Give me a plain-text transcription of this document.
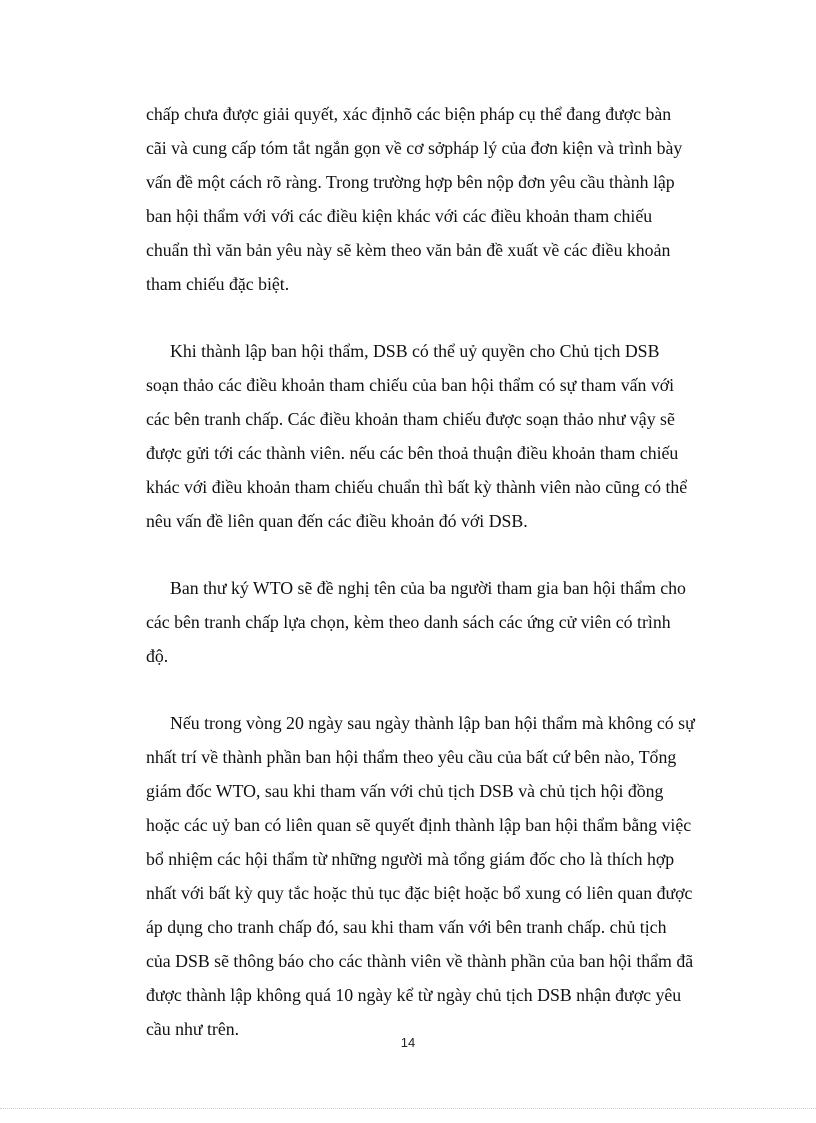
chấp chưa được giải quyết, xác địnhõ các biện pháp cụ thể đang được bàn
cãi và cung cấp tóm tắt ngắn gọn về cơ sởpháp lý của đơn kiện và trình bày
vấn đề một cách rõ ràng. Trong trường hợp bên nộp đơn yêu cầu thành lập
ban hội thẩm với với các điều kiện khác với các điều khoản tham chiếu
chuẩn thì văn bản yêu này sẽ kèm theo văn bản đề xuất về các điều khoản
tham chiếu đặc biệt.

Khi thành lập ban hội thẩm, DSB có thể uỷ quyền cho Chủ tịch DSB
soạn thảo các điều khoản tham chiếu của ban hội thẩm có sự tham vấn với
các bên tranh chấp. Các điều khoản tham chiếu được soạn thảo như vậy sẽ
được gửi tới các thành viên. nếu các bên thoả thuận điều khoản tham chiếu
khác với điều khoản tham chiếu chuẩn thì bất kỳ thành viên nào cũng có thể
nêu vấn đề liên quan đến các điều khoản đó với DSB.

Ban thư ký WTO sẽ đề nghị tên của ba người tham gia ban hội thẩm cho
các bên tranh chấp lựa chọn, kèm theo danh sách các ứng cử viên có trình
độ.

Nếu trong vòng 20 ngày sau ngày thành lập ban hội thẩm mà không có sự
nhất trí về thành phần ban hội thẩm theo yêu cầu của bất cứ bên nào, Tổng
giám đốc WTO, sau khi tham vấn với chủ tịch DSB và chủ tịch hội đồng
hoặc các uỷ ban có liên quan sẽ quyết định thành lập ban hội thẩm bằng việc
bổ nhiệm các hội thẩm từ những người mà tổng giám đốc cho là thích hợp
nhất với bất kỳ quy tắc hoặc thủ tục đặc biệt hoặc bổ xung có liên quan được
áp dụng cho tranh chấp đó, sau khi tham vấn với bên tranh chấp. chủ tịch
của DSB sẽ thông báo cho các thành viên về thành phần của ban hội thẩm đã
được thành lập không quá 10 ngày kể từ ngày chủ tịch DSB nhận được yêu
cầu như trên.

14
